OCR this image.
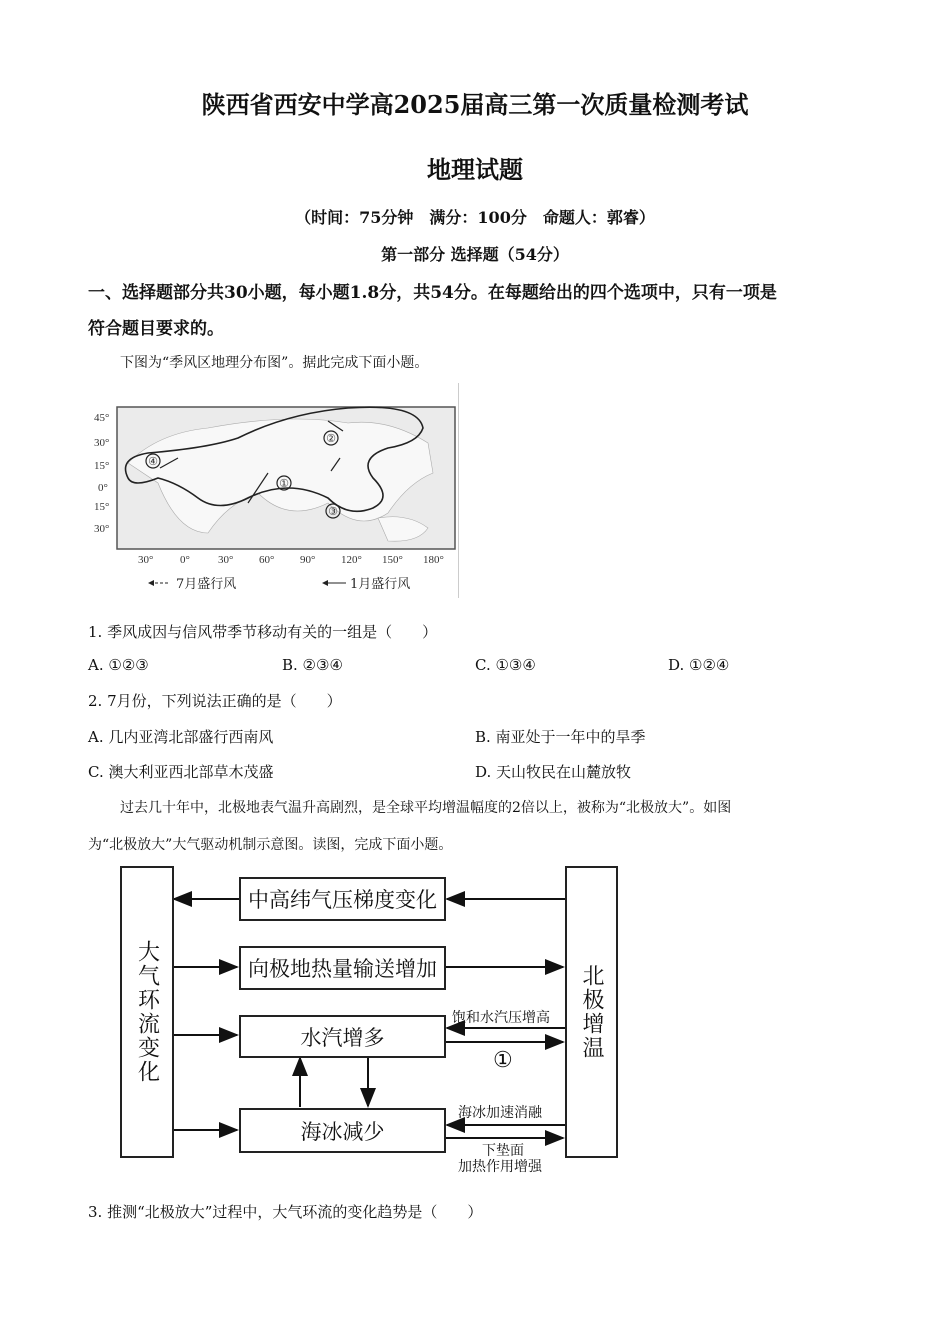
陕西省西安中学高2025届高三第一次质量检测考试
地理试题
（时间：75分钟　满分：100分　命题人：郭睿）
第一部分 选择题（54分）
一、选择题部分共30小题，每小题1.8分，共54分。在每题给出的四个选项中，只有一项是
符合题目要求的。
下图为“季风区地理分布图”。据此完成下面小题。
④
①
②
③
45°
30°
15°
0°
15°
30°
30° 0°	30° 60° 90° 120° 150° 180°
7月盛行风	1月盛行风
1. 季风成因与信风带季节移动有关的一组是（　　）
A. ①②③	B. ②③④	C. ①③④	D. ①②④
2. 7月份，下列说法正确的是（　　）
A. 几内亚湾北部盛行西南风	B. 南亚处于一年中的旱季
C. 澳大利亚西北部草木茂盛	D. 天山牧民在山麓放牧
过去几十年中，北极地表气温升高剧烈，是全球平均增温幅度的2倍以上，被称为“北极放大”。如图
为“北极放大”大气驱动机制示意图。读图，完成下面小题。
大气环流变化	北极增温
中高纬气压梯度变化
向极地热量输送增加
水汽增多
海冰减少
饱和水汽压增高
①
海冰加速消融
下垫面
加热作用增强
3. 推测“北极放大”过程中，大气环流的变化趋势是（　　）
